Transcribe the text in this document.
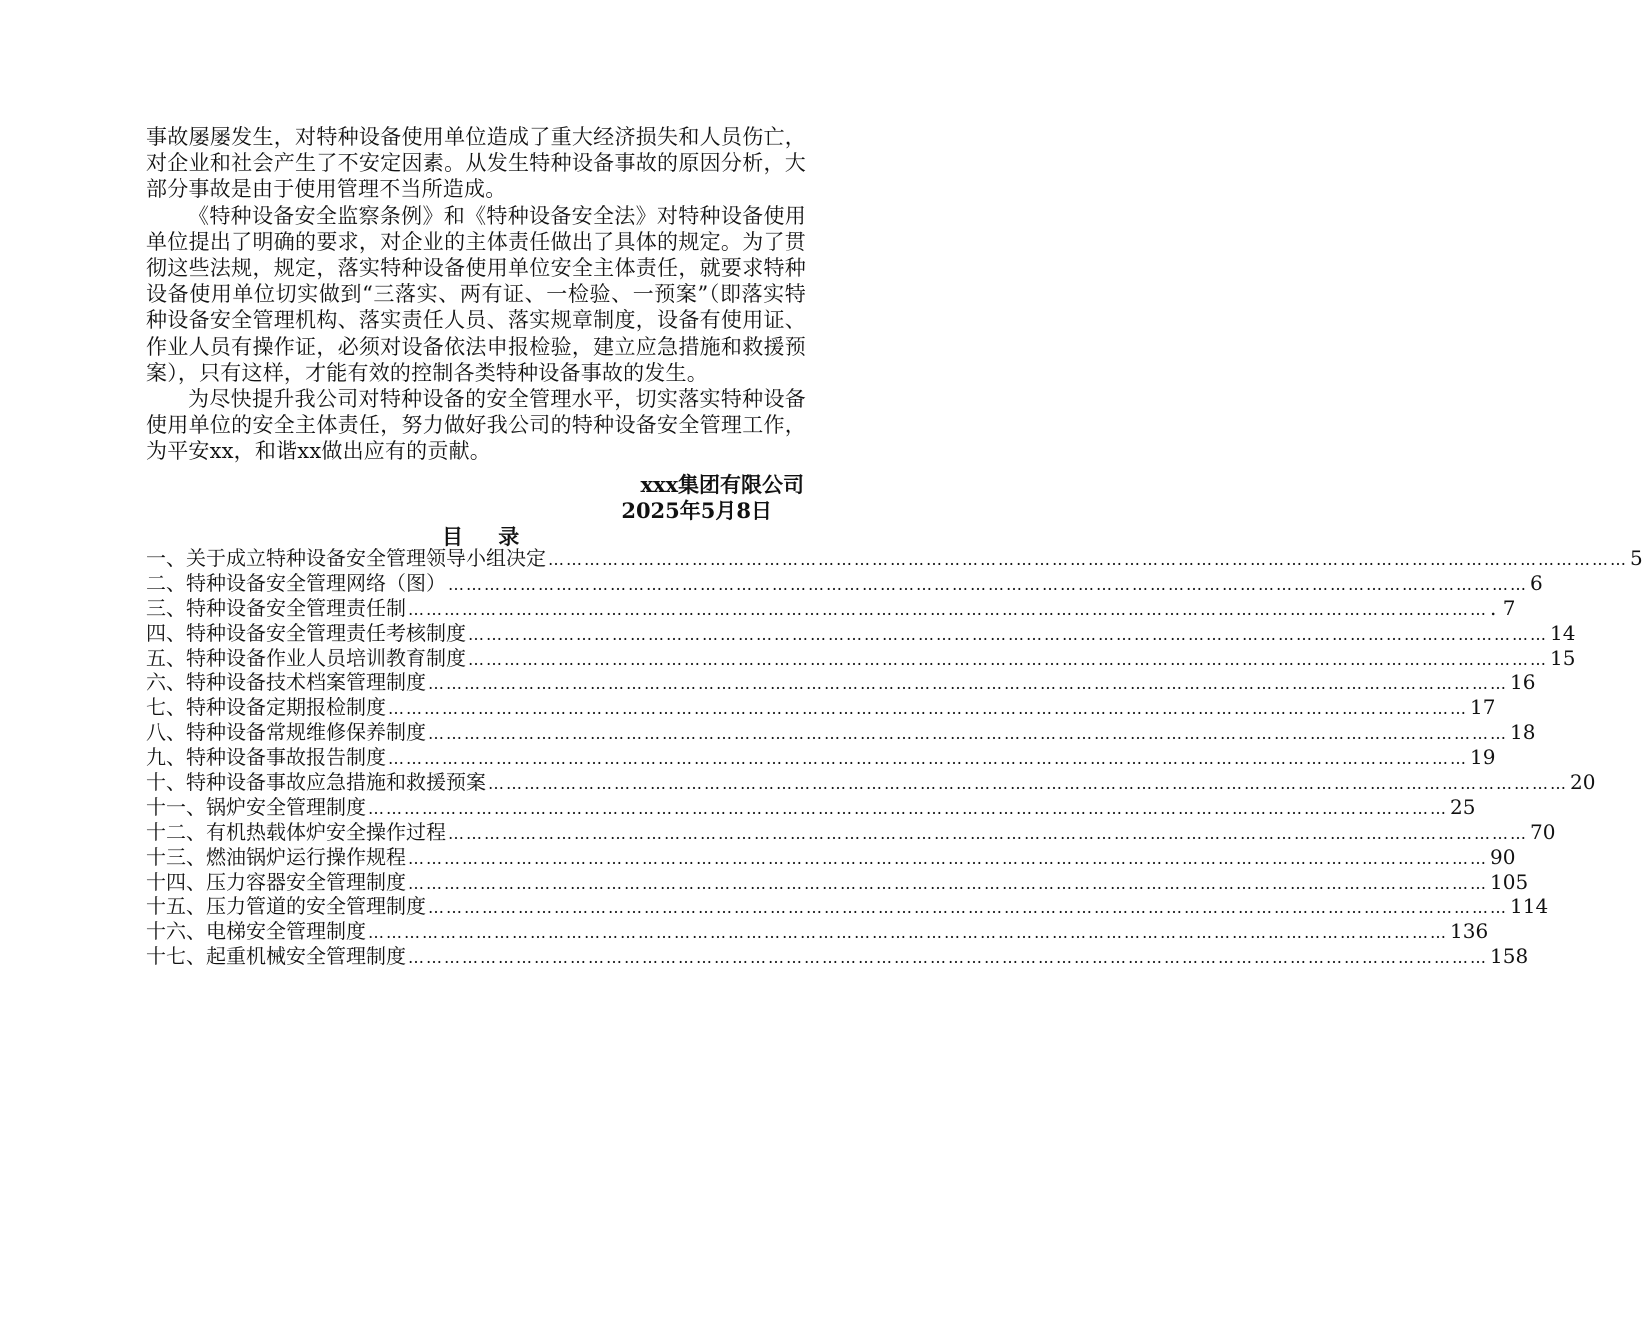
事故屡屡发生，对特种设备使用单位造成了重大经济损失和人员伤亡，对企业和社会产生了不安定因素。从发生特种设备事故的原因分析，大部分事故是由于使用管理不当所造成。

《特种设备安全监察条例》和《特种设备安全法》对特种设备使用单位提出了明确的要求，对企业的主体责任做出了具体的规定。为了贯彻这些法规，规定，落实特种设备使用单位安全主体责任，就要求特种设备使用单位切实做到“三落实、两有证、一检验、一预案”（即落实特种设备安全管理机构、落实责任人员、落实规章制度，设备有使用证、作业人员有操作证，必须对设备依法申报检验，建立应急措施和救援预案），只有这样，才能有效的控制各类特种设备事故的发生。

为尽快提升我公司对特种设备的安全管理水平，切实落实特种设备使用单位的安全主体责任，努力做好我公司的特种设备安全管理工作，为平安xx，和谐xx做出应有的贡献。

xxx集团有限公司
2025年5月8日
目 录
一、关于成立特种设备安全管理领导小组决定 ……………………………………………………………………………………………………………………………………………………………… 5
二、特种设备安全管理网络（图） ……………………………………………………………………………………………………………………………………………………………… 6
三、特种设备安全管理责任制 ……………………………………………………………………………………………………………………………………………………………… . 7
四、特种设备安全管理责任考核制度 ……………………………………………………………………………………………………………………………………………………………… 14
五、特种设备作业人员培训教育制度 ……………………………………………………………………………………………………………………………………………………………… 15
六、特种设备技术档案管理制度 ……………………………………………………………………………………………………………………………………………………………… 16
七、特种设备定期报检制度 ……………………………………………………………………………………………………………………………………………………………… 17
八、特种设备常规维修保养制度 ……………………………………………………………………………………………………………………………………………………………… 18
九、特种设备事故报告制度 ……………………………………………………………………………………………………………………………………………………………… 19
十、特种设备事故应急措施和救援预案 ……………………………………………………………………………………………………………………………………………………………… 20
十一、锅炉安全管理制度 ……………………………………………………………………………………………………………………………………………………………… 25
十二、有机热载体炉安全操作过程 ……………………………………………………………………………………………………………………………………………………………… 70
十三、燃油锅炉运行操作规程 ……………………………………………………………………………………………………………………………………………………………… 90
十四、压力容器安全管理制度 ……………………………………………………………………………………………………………………………………………………………… 105
十五、压力管道的安全管理制度 ……………………………………………………………………………………………………………………………………………………………… 114
十六、电梯安全管理制度 ……………………………………………………………………………………………………………………………………………………………… 136
十七、起重机械安全管理制度 ……………………………………………………………………………………………………………………………………………………………… 158
